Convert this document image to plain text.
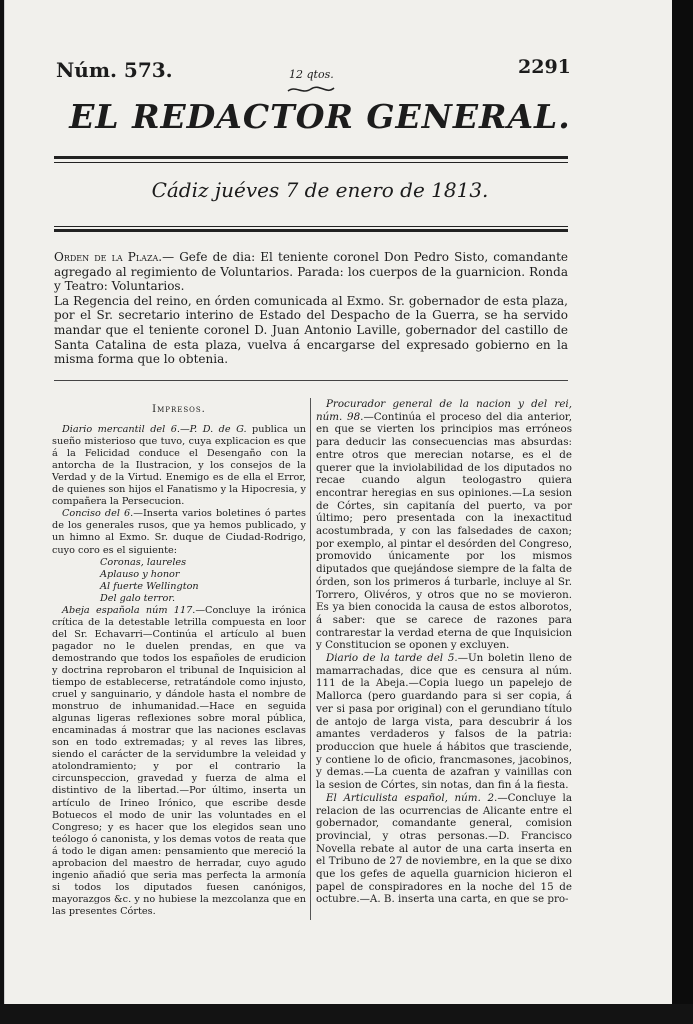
Núm. 573.	12 qtos.	2291
EL REDACTOR GENERAL.
Cádiz juéves 7 de enero de 1813.

Orden de la Plaza.— Gefe de dia: El teniente coronel Don Pedro Sisto, comandante agregado al regimiento de Voluntarios. Parada: los cuerpos de la guarnicion. Ronda y Teatro: Voluntarios.

La Regencia del reino, en órden comunicada al Exmo. Sr. gobernador de esta plaza, por el Sr. secretario interino de Estado del Despacho de la Guerra, se ha servido mandar que el teniente coronel D. Juan Antonio Laville, gobernador del castillo de Santa Catalina de esta plaza, vuelva á encargarse del expresado gobierno en la misma forma que lo obtenia.

Impresos.

Diario mercantil del 6.—P. D. de G. publica un sueño misterioso que tuvo, cuya explicacion es que á la Felicidad conduce el Desengaño con la antorcha de la Ilustracion, y los consejos de la Verdad y de la Virtud. Enemigo es de ella el Error, de quienes son hijos el Fanatismo y la Hipocresia, y compañera la Persecucion.

Conciso del 6.—Inserta varios boletines ó partes de los generales rusos, que ya hemos publicado, y un himno al Exmo. Sr. duque de Ciudad-Rodrigo, cuyo coro es el siguiente:

Coronas, laureles

Aplauso y honor

Al fuerte Wellington

Del galo terror.

Abeja española núm 117.—Concluye la irónica crítica de la detestable letrilla compuesta en loor del Sr. Echavarri—Continúa el artículo al buen pagador no le duelen prendas, en que va demostrando que todos los españoles de erudicion y doctrina reprobaron el tribunal de Inquisicion al tiempo de establecerse, retratándole como injusto, cruel y sanguinario, y dándole hasta el nombre de monstruo de inhumanidad.—Hace en seguida algunas ligeras reflexiones sobre moral pública, encaminadas á mostrar que las naciones esclavas son en todo extremadas; y al reves las libres, siendo el carácter de la servidumbre la veleidad y atolondramiento; y por el contrario la circunspeccion, gravedad y fuerza de alma el distintivo de la libertad.—Por último, inserta un artículo de Irineo Irónico, que escribe desde Botuecos el modo de unir las voluntades en el Congreso; y es hacer que los elegidos sean uno teólogo ó canonista, y los demas votos de reata que á todo le digan amen: pensamiento que mereció la aprobacion del maestro de herradar, cuyo agudo ingenio añadió que seria mas perfecta la armonía si todos los diputados fuesen canónigos, mayorazgos &c. y no hubiese la mezcolanza que en las presentes Córtes.

Procurador general de la nacion y del rei, núm. 98.—Continúa el proceso del dia anterior, en que se vierten los principios mas erróneos para deducir las consecuencias mas absurdas: entre otros que merecian notarse, es el de querer que la inviolabilidad de los diputados no recae cuando algun teologastro quiera encontrar heregias en sus opiniones.—La sesion de Córtes, sin capitanía del puerto, va por último; pero presentada con la inexactitud acostumbrada, y con las falsedades de caxon; por exemplo, al pintar el desórden del Congreso, promovido únicamente por los mismos diputados que quejándose siempre de la falta de órden, son los primeros á turbarle, incluye al Sr. Torrero, Olivéros, y otros que no se movieron. Es ya bien conocida la causa de estos alborotos, á saber: que se carece de razones para contrarestar la verdad eterna de que Inquisicion y Constitucion se oponen y excluyen.

Diario de la tarde del 5.—Un boletin lleno de mamarrachadas, dice que es censura al núm. 111 de la Abeja.—Copia luego un papelejo de Mallorca (pero guardando para si ser copia, á ver si pasa por original) con el gerundiano título de antojo de larga vista, para descubrir á los amantes verdaderos y falsos de la patria: produccion que huele á hábitos que trasciende, y contiene lo de oficio, francmasones, jacobinos, y demas.—La cuenta de azafran y vainillas con la sesion de Córtes, sin notas, dan fin á la fiesta.

El Articulista español, núm. 2.—Concluye la relacion de las ocurrencias de Alicante entre el gobernador, comandante general, comision provincial, y otras personas.—D. Francisco Novella rebate al autor de una carta inserta en el Tribuno de 27 de noviembre, en la que se dixo que los gefes de aquella guarnicion hicieron el papel de conspiradores en la noche del 15 de octubre.—A. B. inserta una carta, en que se pro-
